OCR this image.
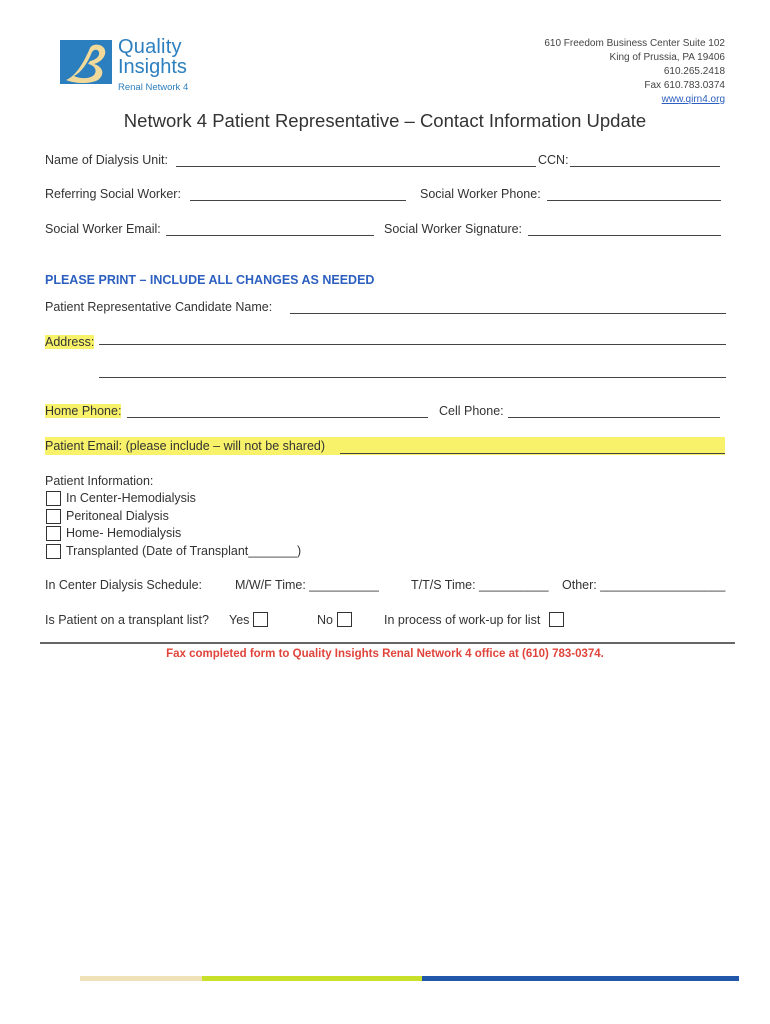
Quality
Insights
Renal Network 4
610 Freedom Business Center Suite 102
King of Prussia, PA 19406
610.265.2418
Fax 610.783.0374
www.qirn4.org
Network 4 Patient Representative – Contact Information Update
Name of Dialysis Unit:	CCN:
Referring Social Worker:	Social Worker Phone:
Social Worker Email:	Social Worker Signature:
PLEASE PRINT – INCLUDE ALL CHANGES AS NEEDED
Patient Representative Candidate Name:
Address:
Home Phone:	Cell Phone:
Patient Email: (please include – will not be shared)
Patient Information:
In Center-Hemodialysis
Peritoneal Dialysis
Home- Hemodialysis
Transplanted (Date of Transplant_______)
In Center Dialysis Schedule:	M/W/F Time: __________	T/T/S Time: __________ Other: __________________
Is Patient on a transplant list? Yes	No	In process of work-up for list
Fax completed form to Quality Insights Renal Network 4 office at (610) 783-0374.
